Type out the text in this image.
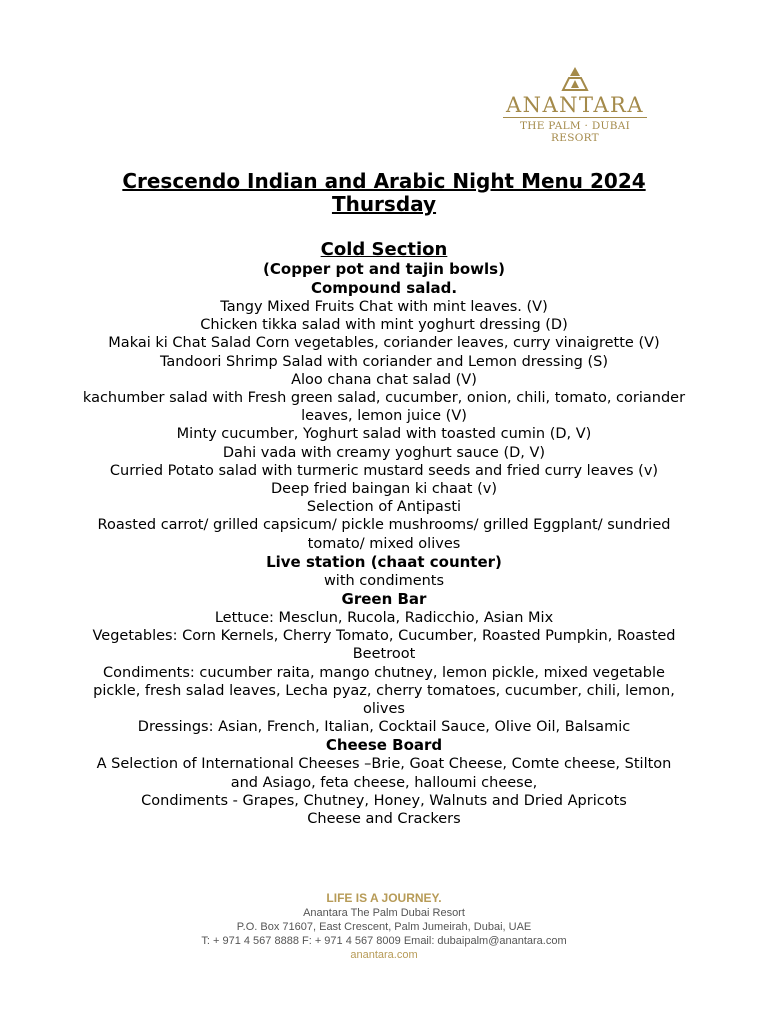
ANANTARA
THE PALM · DUBAI
RESORT
Crescendo Indian and Arabic Night Menu 2024
Thursday
Cold Section
(Copper pot and tajin bowls)
Compound salad.
Tangy Mixed Fruits Chat with mint leaves. (V)
Chicken tikka salad with mint yoghurt dressing (D)
Makai ki Chat Salad Corn vegetables, coriander leaves, curry vinaigrette (V)
Tandoori Shrimp Salad with coriander and Lemon dressing (S)
Aloo chana chat salad (V)
kachumber salad with Fresh green salad, cucumber, onion, chili, tomato, coriander
leaves, lemon juice (V)
Minty cucumber, Yoghurt salad with toasted cumin (D, V)
Dahi vada with creamy yoghurt sauce (D, V)
Curried Potato salad with turmeric mustard seeds and fried curry leaves (v)
Deep fried baingan ki chaat (v)
Selection of Antipasti
Roasted carrot/ grilled capsicum/ pickle mushrooms/ grilled Eggplant/ sundried
tomato/ mixed olives
Live station (chaat counter)
with condiments
Green Bar
Lettuce: Mesclun, Rucola, Radicchio, Asian Mix
Vegetables: Corn Kernels, Cherry Tomato, Cucumber, Roasted Pumpkin, Roasted
Beetroot
Condiments: cucumber raita, mango chutney, lemon pickle, mixed vegetable
pickle, fresh salad leaves, Lecha pyaz, cherry tomatoes, cucumber, chili, lemon,
olives
Dressings: Asian, French, Italian, Cocktail Sauce, Olive Oil, Balsamic
Cheese Board
A Selection of International Cheeses –Brie, Goat Cheese, Comte cheese, Stilton
and Asiago, feta cheese, halloumi cheese,
Condiments - Grapes, Chutney, Honey, Walnuts and Dried Apricots
Cheese and Crackers
LIFE IS A JOURNEY.
Anantara The Palm Dubai Resort
P.O. Box 71607, East Crescent, Palm Jumeirah, Dubai, UAE
T: + 971 4 567 8888 F: + 971 4 567 8009 Email: dubaipalm@anantara.com
anantara.com
